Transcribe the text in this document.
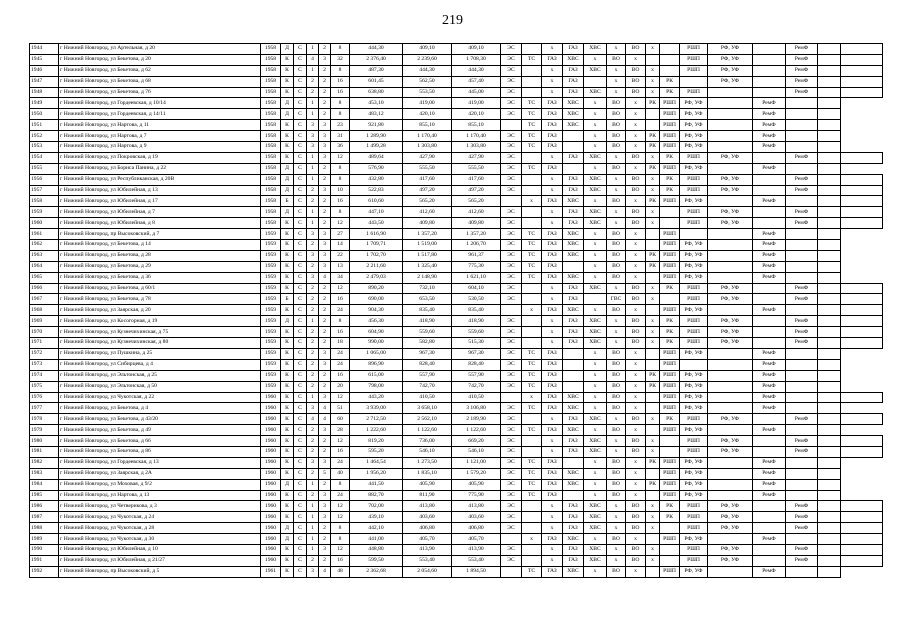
219
1944	г Нижний Новгород, ул Артельная, д 20	1958	Д	С	1	2	8	444,30	409,10	409,10	ЭС		х	ГАЗ	ХВС	х	ВО	х		РШП	РФ, УФ		РемФ		
1945	г Нижний Новгород, ул Бекетова, д 20	1958	К	С	4	3	32	2 376,40	2 239,60	1 708,30	ЭС	ТС	ГАЗ	ХВС	х	ВО	х			РШП	РФ, УФ		РемФ		
1946	г Нижний Новгород, ул Бекетова, д 62	1958	К	С	1	2	8	487,30	444,30	444,30	ЭС		х	ГАЗ	ХВС	х	ВО	х		РШП	РФ, УФ		РемФ		
1947	г Нижний Новгород, ул Бекетова, д 68	1958	К	С	2	2	16	601,45	562,50	457,40	ЭС		х	ГАЗ		х	ВО	х	РК		РФ, УФ		РемФ		
1948	г Нижний Новгород, ул Бекетова, д 76	1958	К	С	2	2	16	638,80	553,50	445,00	ЭС		х	ГАЗ	ХВС	х	ВО	х	РК	РШП			РемФ		
1949	г Нижний Новгород, ул Гордеевская, д 10/14	1958	Д	С	1	2	8	453,10	419,00	419,00	ЭС	ТС	ГАЗ	ХВС	х	ВО	х	РК	РШП	РФ, УФ		РемФ			
1950	г Нижний Новгород, ул Гордеевская, д 14/11	1958	Д	С	1	2	8	483,12	420,10	420,10	ЭС	ТС	ГАЗ	ХВС	х	ВО	х		РШП	РФ, УФ		РемФ			
1951	г Нижний Новгород, ул Нартова, д 11	1958	К	С	3	3	23	921,80	855,10	855,10		ТС	ГАЗ	ХВС	х	ВО	х		РШП	РФ, УФ		РемФ			
1952	г Нижний Новгород, ул Нартова, д 7	1958	К	С	3	3	31	1 289,90	1 170,40	1 170,40	ЭС	ТС	ГАЗ		х	ВО	х	РК	РШП	РФ, УФ		РемФ			
1953	г Нижний Новгород, ул Нартова, д 9	1958	К	С	3	3	36	1 499,28	1 303,80	1 303,80	ЭС	ТС	ГАЗ		х	ВО	х	РК	РШП	РФ, УФ		РемФ			
1954	г Нижний Новгород, ул Покровская, д 19	1958	К	С	1	3	12	489,64	427,90	427,90	ЭС		х	ГАЗ	ХВС	х	ВО	х	РК	РШП	РФ, УФ		РемФ		
1955	г Нижний Новгород, ул Бориса Панина, д 22	1958	Д	С	1	2	8	576,90	555,50	555,50	ЭС	ТС	ГАЗ		х	ВО	х	РК	РШП	РФ, УФ		РемФ			
1956	г Нижний Новгород, ул Республиканская, д 20В	1958	Д	С	1	2	8	432,80	417,60	417,60	ЭС		х	ГАЗ	ХВС	х	ВО	х	РК	РШП	РФ, УФ		РемФ		
1957	г Нижний Новгород, ул Юбилейная, д 13	1958	Д	С	2	3	10	522,83	497,20	497,20	ЭС		х	ГАЗ	ХВС	х	ВО	х	РК	РШП	РФ, УФ		РемФ		
1958	г Нижний Новгород, ул Юбилейная, д 17	1958	Б	С	2	2	16	610,60	565,20	565,20		х	ГАЗ	ХВС	х	ВО	х	РК	РШП	РФ, УФ		РемФ			
1959	г Нижний Новгород, ул Юбилейная, д 7	1958	Д	С	1	2	8	447,10	412,60	412,60	ЭС		х	ГАЗ	ХВС	х	ВО	х		РШП	РФ, УФ		РемФ		
1960	г Нижний Новгород, ул Юбилейная, д 8	1958	К	С	1	2	12	443,50	409,80	409,80	ЭС		х	ГАЗ	ХВС	х	ВО	х		РШП	РФ, УФ		РемФ		
1961	г Нижний Новгород, пр Высоковский, д 7	1959	К	С	3	3	27	1 616,90	1 357,20	1 357,20	ЭС	ТС	ГАЗ	ХВС	х	ВО	х		РШП			РемФ			
1962	г Нижний Новгород, ул Бекетова, д 14	1959	К	С	2	3	14	1 709,71	1 519,00	1 206,70	ЭС	ТС	ГАЗ	ХВС	х	ВО	х		РШП	РФ, УФ		РемФ			
1963	г Нижний Новгород, ул Бекетова, д 28	1959	К	С	3	3	22	1 702,70	1 517,80	961,37	ЭС	ТС	ГАЗ	ХВС	х	ВО	х	РК	РШП	РФ, УФ		РемФ			
1964	г Нижний Новгород, ул Бекетова, д 29	1959	К	С	2	3	13	2 211,60	1 325,40	775,30	ЭС	ТС	ГАЗ		х	ВО	х	РК	РШП	РФ, УФ		РемФ			
1965	г Нижний Новгород, ул Бекетова, д 36	1959	К	С	3	4	34	2 479,03	2 148,90	1 621,10	ЭС	ТС	ГАЗ	ХВС	х	ВО	х		РШП	РФ, УФ		РемФ			
1966	г Нижний Новгород, ул Бекетова, д 60/1	1959	К	С	2	2	12	890,20	732,10	604,10	ЭС		х	ГАЗ	ХВС	х	ВО	х	РК	РШП	РФ, УФ		РемФ		
1967	г Нижний Новгород, ул Бекетова, д 78	1959	Б	С	2	2	16	690,00	653,50	530,50	ЭС		х	ГАЗ		ГВС	ВО	х		РШП	РФ, УФ		РемФ		
1968	г Нижний Новгород, ул Заярская, д 20	1959	К	С	2	2	24	904,30	835,40	835,40		х	ГАЗ	ХВС	х	ВО	х		РШП	РФ, УФ		РемФ			
1969	г Нижний Новгород, ул Косогорная, д 19	1959	Д	С	1	2	8	456,30	418,90	418,90	ЭС		х	ГАЗ	ХВС	х	ВО	х	РК	РШП	РФ, УФ		РемФ		
1970	г Нижний Новгород, ул Кузнечихинская, д 75	1959	К	С	2	2	16	604,90	559,60	559,60	ЭС		х	ГАЗ	ХВС	х	ВО	х	РК	РШП	РФ, УФ		РемФ		
1971	г Нижний Новгород, ул Кузнечихинская, д 80	1959	К	С	2	2	18	990,00	582,80	515,30	ЭС		х	ГАЗ	ХВС	х	ВО	х	РК	РШП	РФ, УФ		РемФ		
1972	г Нижний Новгород, ул Пушкина, д 25	1959	К	С	2	3	24	1 065,00	967,30	967,30	ЭС	ТС	ГАЗ		х	ВО	х		РШП	РФ, УФ		РемФ			
1973	г Нижний Новгород, ул Сибирцева, д 4	1959	К	С	2	3	24	896,90	828,40	828,40	ЭС	ТС	ГАЗ		х	ВО	х		РШП			РемФ			
1974	г Нижний Новгород, ул Эльтонская, д 25	1959	К	С	2	2	16	615,00	557,90	557,90	ЭС	ТС	ГАЗ		х	ВО	х	РК	РШП	РФ, УФ		РемФ			
1975	г Нижний Новгород, ул Эльтонская, д 50	1959	К	С	2	2	20	798,00	742,70	742,70	ЭС	ТС	ГАЗ		х	ВО	х	РК	РШП	РФ, УФ		РемФ			
1976	г Нижний Новгород, ул Чукотская, д 22	1960	К	С	1	3	12	443,20	410,50	410,50		х	ГАЗ	ХВС	х	ВО	х		РШП	РФ, УФ		РемФ			
1977	г Нижний Новгород, ул Бекетова, д 4	1960	К	С	3	4	51	3 939,00	3 658,10	3 106,80	ЭС	ТС	ГАЗ	ХВС	х	ВО	х		РШП	РФ, УФ		РемФ			
1978	г Нижний Новгород, ул Бекетова, д 43/20	1960	К	С	4	4	60	2 712,50	2 562,10	2 189,90	ЭС		х	ГАЗ	ХВС	х	ВО	х	РК	РШП	РФ, УФ		РемФ		
1979	г Нижний Новгород, ул Бекетова, д 49	1960	К	С	2	3	28	1 222,60	1 122,60	1 122,60	ЭС	ТС	ГАЗ	ХВС	х	ВО	х		РШП	РФ, УФ		РемФ			
1980	г Нижний Новгород, ул Бекетова, д 66	1960	К	С	2	2	12	819,20	736,00	669,20	ЭС		х	ГАЗ	ХВС	х	ВО	х		РШП	РФ, УФ		РемФ		
1981	г Нижний Новгород, ул Бекетова, д 86	1960	К	С	2	2	16	595,20	546,10	546,10	ЭС		х	ГАЗ	ХВС	х	ВО	х		РШП	РФ, УФ		РемФ		
1982	г Нижний Новгород, ул Гордеевская, д 13	1960	К	С	3	3	24	1 464,54	1 273,50	1 121,00	ЭС	ТС	ГАЗ		х	ВО	х	РК	РШП	РФ, УФ		РемФ			
1983	г Нижний Новгород, ул Заярская, д 2А	1960	К	С	2	5	40	1 956,20	1 835,10	1 579,20	ЭС	ТС	ГАЗ	ХВС	х	ВО	х		РШП	РФ, УФ		РемФ			
1984	г Нижний Новгород, ул Моховая, д 9/2	1960	Д	С	1	2	8	441,50	405,90	405,90	ЭС	ТС	ГАЗ	ХВС	х	ВО	х	РК	РШП	РФ, УФ		РемФ			
1985	г Нижний Новгород, ул Нартова, д 13	1960	К	С	2	3	24	882,70	811,90	775,90	ЭС	ТС	ГАЗ		х	ВО	х		РШП	РФ, УФ		РемФ			
1986	г Нижний Новгород, ул Четвериковa, д 3	1960	К	С	1	3	12	702,00	413,80	413,80	ЭС		х	ГАЗ	ХВС	х	ВО	х	РК	РШП	РФ, УФ		РемФ		
1987	г Нижний Новгород, ул Чукотская, д 24	1960	К	С	1	3	12	439,10	403,60	403,60	ЭС		х	ГАЗ	ХВС	х	ВО	х	РК	РШП	РФ, УФ		РемФ		
1988	г Нижний Новгород, ул Чукотская, д 28	1960	Д	С	1	2	8	442,10	406,80	406,80	ЭС		х	ГАЗ	ХВС	х	ВО	х		РШП	РФ, УФ		РемФ		
1989	г Нижний Новгород, ул Чукотская, д 30	1960	Д	С	1	2	8	441,00	405,70	405,70		х	ГАЗ	ХВС	х	ВО	х		РШП	РФ, УФ		РемФ			
1990	г Нижний Новгород, ул Юбилейная, д 10	1960	К	С	1	3	12	448,80	413,90	413,90	ЭС		х	ГАЗ	ХВС	х	ВО	х		РШП	РФ, УФ		РемФ		
1991	г Нижний Новгород, ул Юбилейная, д 21/27	1960	К	С	2	2	16	599,50	553,40	553,40	ЭС		х	ГАЗ	ХВС	х	ВО	х		РШП	РФ, УФ		РемФ		
1992	г Нижний Новгород, пр Высоковский, д 5	1961	К	С	3	4	48	2 362,68	2 054,60	1 894,50		ТС	ГАЗ	ХВС	х	ВО	х		РШП	РФ, УФ		РемФ			
